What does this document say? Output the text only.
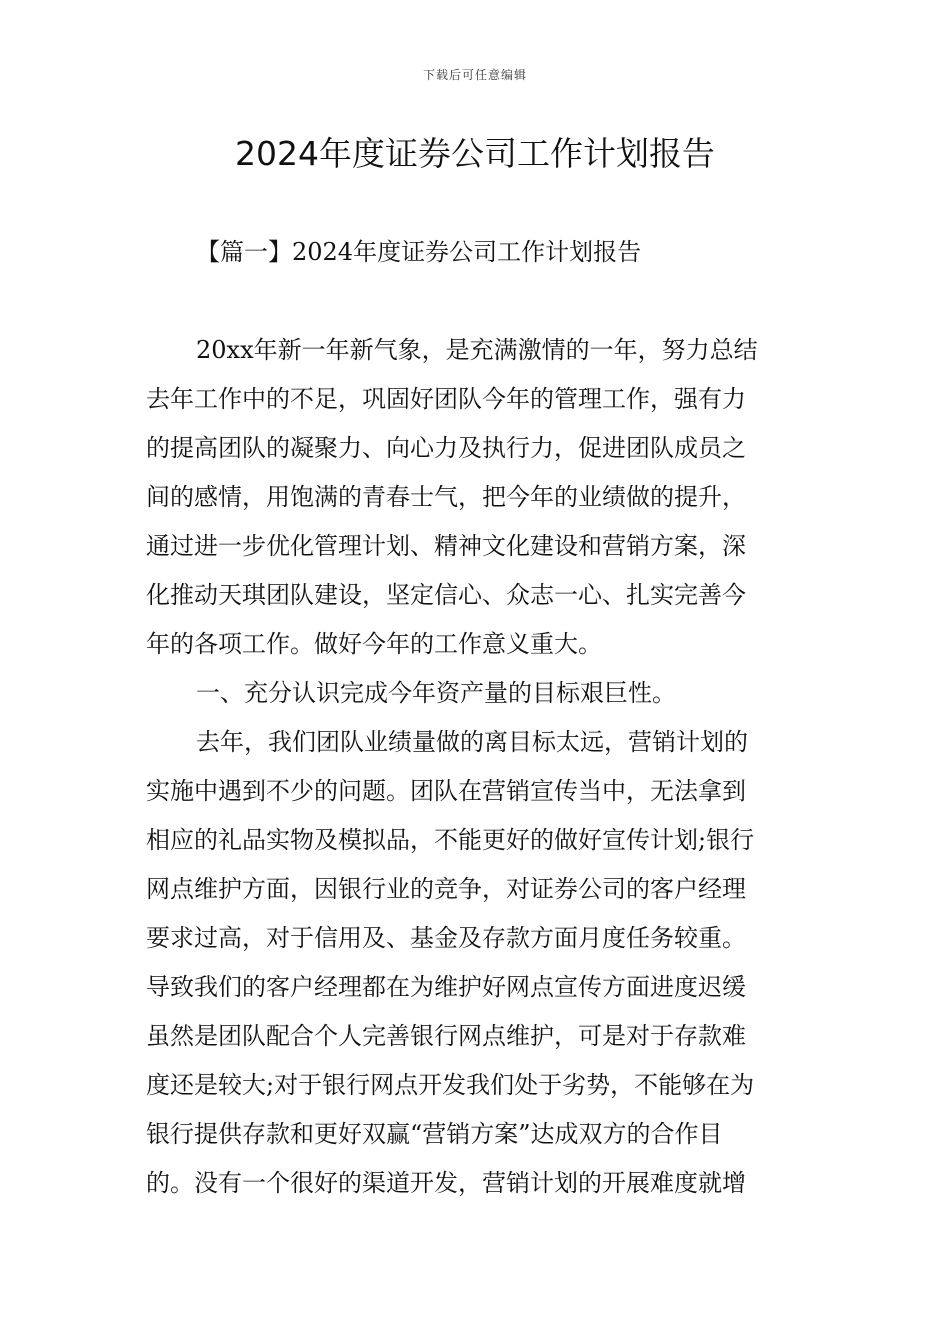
下载后可任意编辑
2024年度证券公司工作计划报告
【篇一】2024年度证券公司工作计划报告
20xx年新一年新气象，是充满激情的一年，努力总结
去年工作中的不足，巩固好团队今年的管理工作，强有力
的提高团队的凝聚力、向心力及执行力，促进团队成员之
间的感情，用饱满的青春士气，把今年的业绩做的提升，
通过进一步优化管理计划、精神文化建设和营销方案，深
化推动天琪团队建设，坚定信心、众志一心、扎实完善今
年的各项工作。做好今年的工作意义重大。
一、充分认识完成今年资产量的目标艰巨性。
去年，我们团队业绩量做的离目标太远，营销计划的
实施中遇到不少的问题。团队在营销宣传当中，无法拿到
相应的礼品实物及模拟品，不能更好的做好宣传计划;银行
网点维护方面，因银行业的竞争，对证券公司的客户经理
要求过高，对于信用及、基金及存款方面月度任务较重。
导致我们的客户经理都在为维护好网点宣传方面进度迟缓
虽然是团队配合个人完善银行网点维护，可是对于存款难
度还是较大;对于银行网点开发我们处于劣势，不能够在为
银行提供存款和更好双赢“营销方案”达成双方的合作目
的。没有一个很好的渠道开发，营销计划的开展难度就增
